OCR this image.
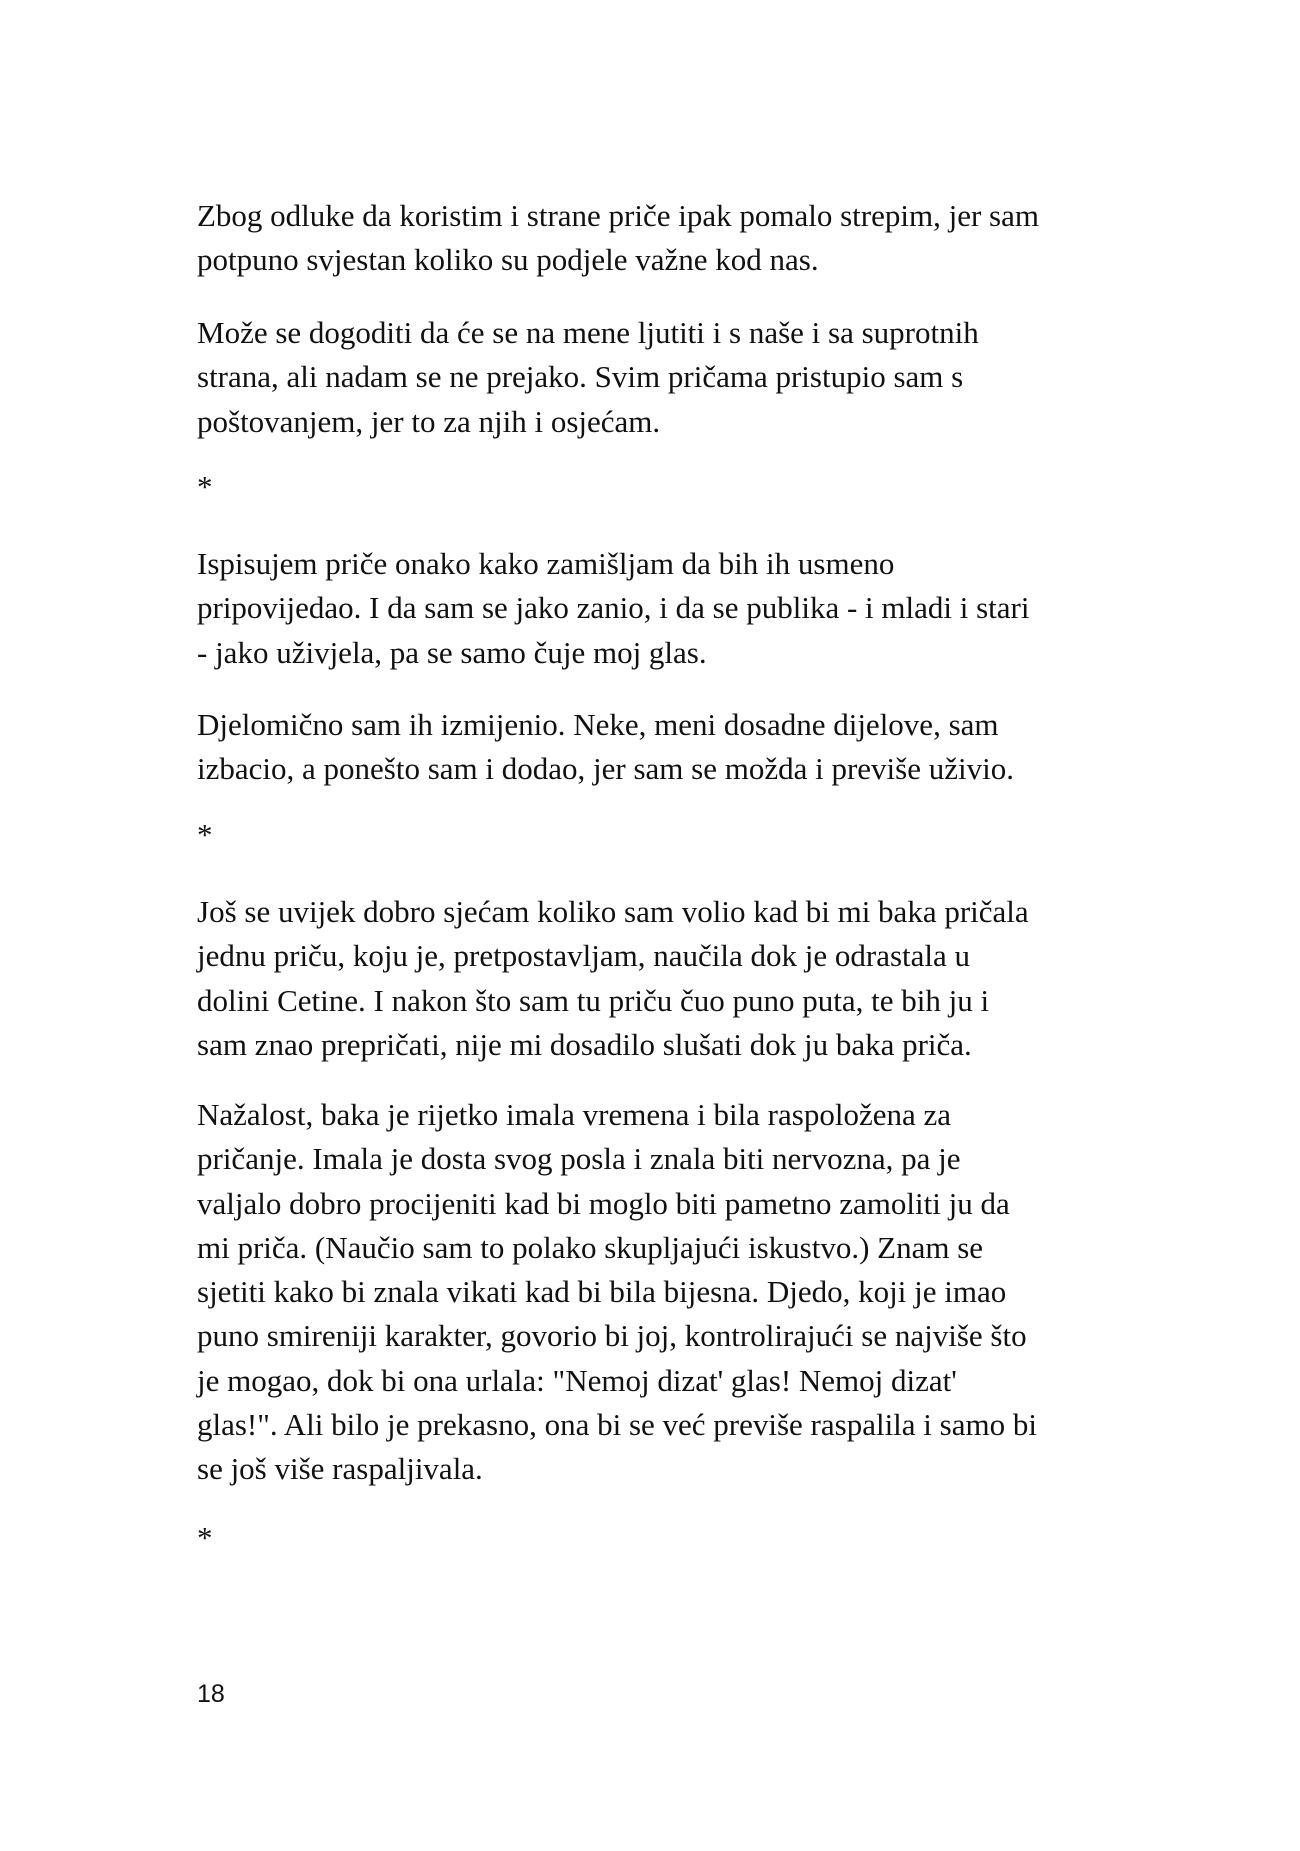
Zbog odluke da koristim i strane priče ipak pomalo strepim, jer sam
potpuno svjestan koliko su podjele važne kod nas.
Može se dogoditi da će se na mene ljutiti i s naše i sa suprotnih
strana, ali nadam se ne prejako. Svim pričama pristupio sam s
poštovanjem, jer to za njih i osjećam.
*
Ispisujem priče onako kako zamišljam da bih ih usmeno
pripovijedao. I da sam se jako zanio, i da se publika - i mladi i stari
- jako uživjela, pa se samo čuje moj glas.
Djelomično sam ih izmijenio. Neke, meni dosadne dijelove, sam
izbacio, a ponešto sam i dodao, jer sam se možda i previše uživio.
*
Još se uvijek dobro sjećam koliko sam volio kad bi mi baka pričala
jednu priču, koju je, pretpostavljam, naučila dok je odrastala u
dolini Cetine. I nakon što sam tu priču čuo puno puta, te bih ju i
sam znao prepričati, nije mi dosadilo slušati dok ju baka priča.
Nažalost, baka je rijetko imala vremena i bila raspoložena za
pričanje. Imala je dosta svog posla i znala biti nervozna, pa je
valjalo dobro procijeniti kad bi moglo biti pametno zamoliti ju da
mi priča. (Naučio sam to polako skupljajući iskustvo.) Znam se
sjetiti kako bi znala vikati kad bi bila bijesna. Djedo, koji je imao
puno smireniji karakter, govorio bi joj, kontrolirajući se najviše što
je mogao, dok bi ona urlala: "Nemoj dizat' glas! Nemoj dizat'
glas!". Ali bilo je prekasno, ona bi se već previše raspalila i samo bi
se još više raspaljivala.
*
18
